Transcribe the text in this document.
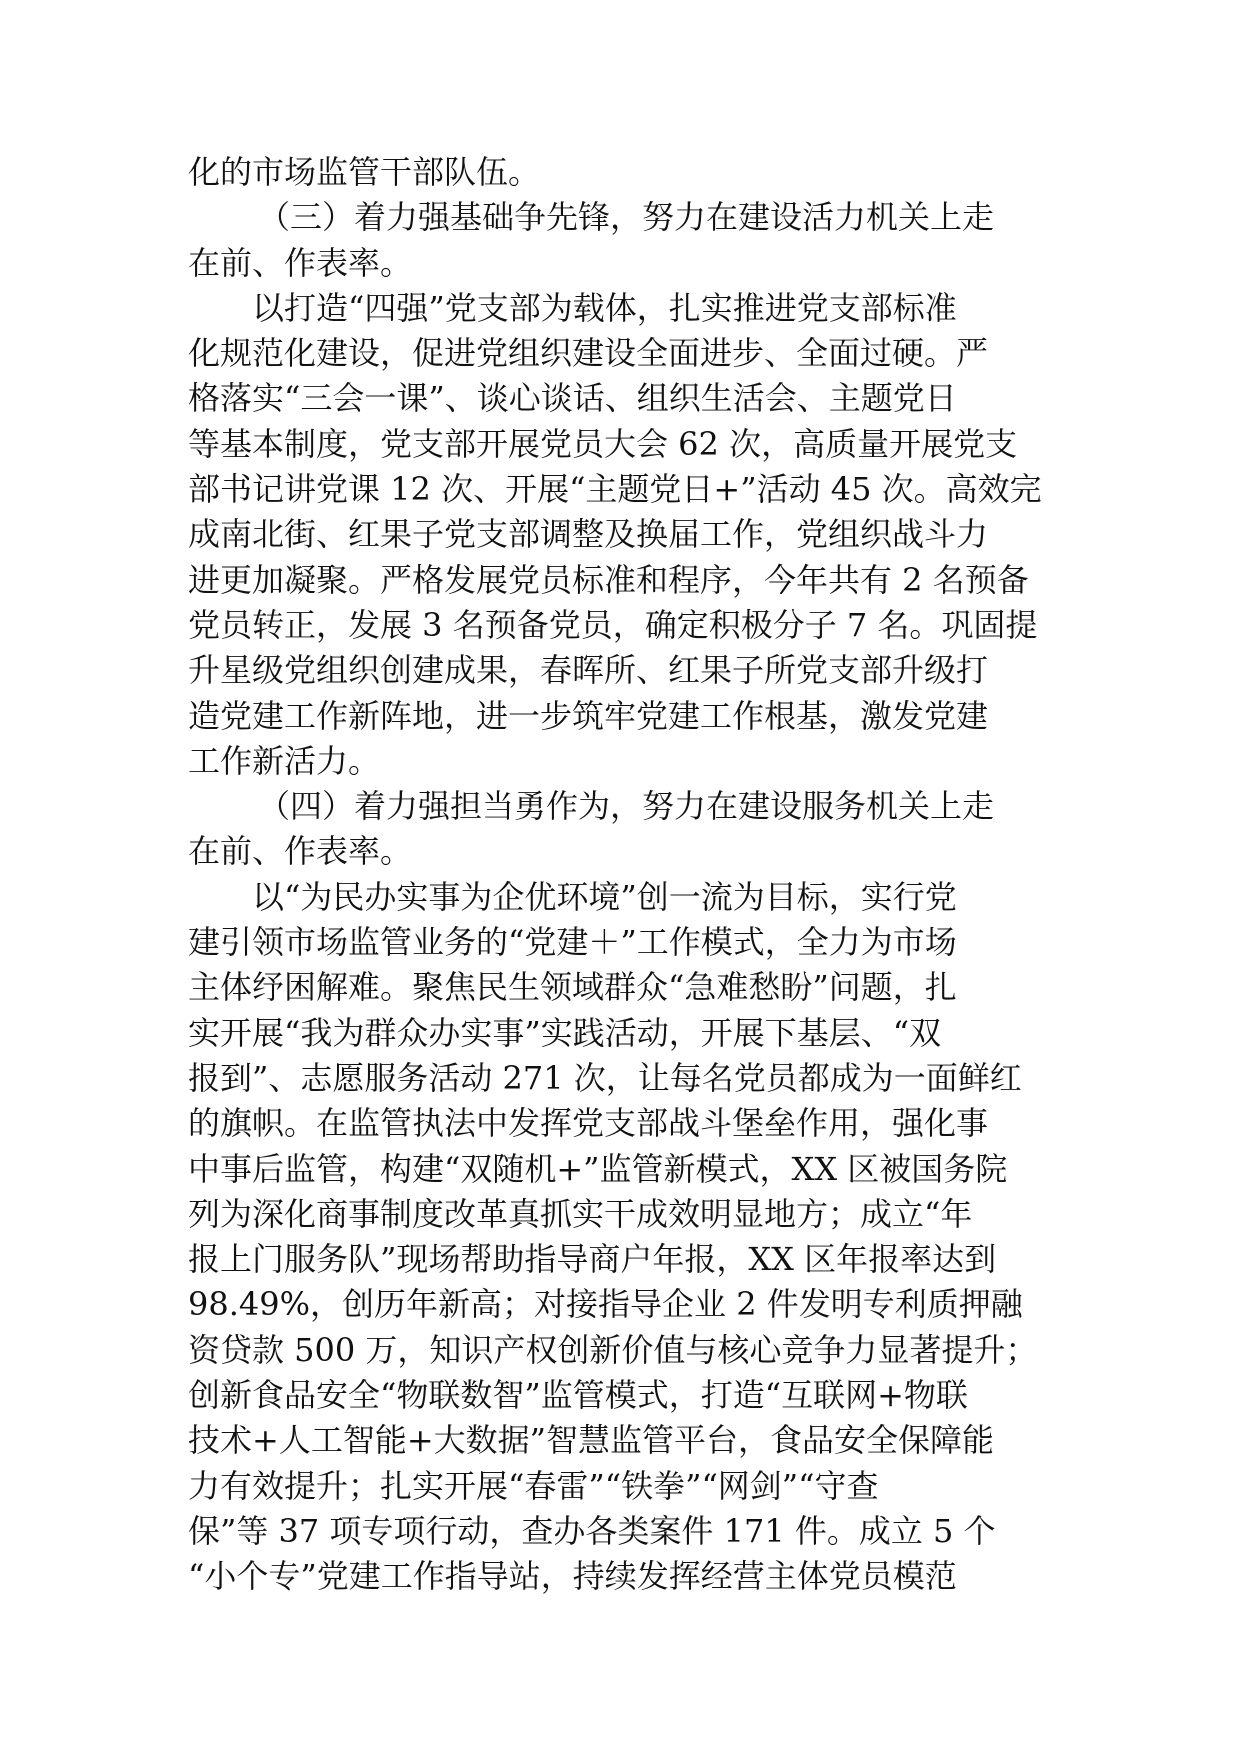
化的市场监管干部队伍。
（三）着力强基础争先锋，努力在建设活力机关上走
在前、作表率。
以打造“四强”党支部为载体，扎实推进党支部标准
化规范化建设，促进党组织建设全面进步、全面过硬。严
格落实“三会一课”、谈心谈话、组织生活会、主题党日
等基本制度，党支部开展党员大会 62 次，高质量开展党支
部书记讲党课 12 次、开展“主题党日+”活动 45 次。高效完
成南北街、红果子党支部调整及换届工作，党组织战斗力
进更加凝聚。严格发展党员标准和程序，今年共有 2 名预备
党员转正，发展 3 名预备党员，确定积极分子 7 名。巩固提
升星级党组织创建成果，春晖所、红果子所党支部升级打
造党建工作新阵地，进一步筑牢党建工作根基，激发党建
工作新活力。
（四）着力强担当勇作为，努力在建设服务机关上走
在前、作表率。
以“为民办实事为企优环境”创一流为目标，实行党
建引领市场监管业务的“党建＋”工作模式，全力为市场
主体纾困解难。聚焦民生领域群众“急难愁盼”问题，扎
实开展“我为群众办实事”实践活动，开展下基层、“双
报到”、志愿服务活动 271 次，让每名党员都成为一面鲜红
的旗帜。在监管执法中发挥党支部战斗堡垒作用，强化事
中事后监管，构建“双随机+”监管新模式，XX 区被国务院
列为深化商事制度改革真抓实干成效明显地方；成立“年
报上门服务队”现场帮助指导商户年报，XX 区年报率达到
98.49%，创历年新高；对接指导企业 2 件发明专利质押融
资贷款 500 万，知识产权创新价值与核心竞争力显著提升；
创新食品安全“物联数智”监管模式，打造“互联网+物联
技术+人工智能+大数据”智慧监管平台，食品安全保障能
力有效提升；扎实开展“春雷”“铁拳”“网剑”“守查
保”等 37 项专项行动，查办各类案件 171 件。成立 5 个
“小个专”党建工作指导站，持续发挥经营主体党员模范
